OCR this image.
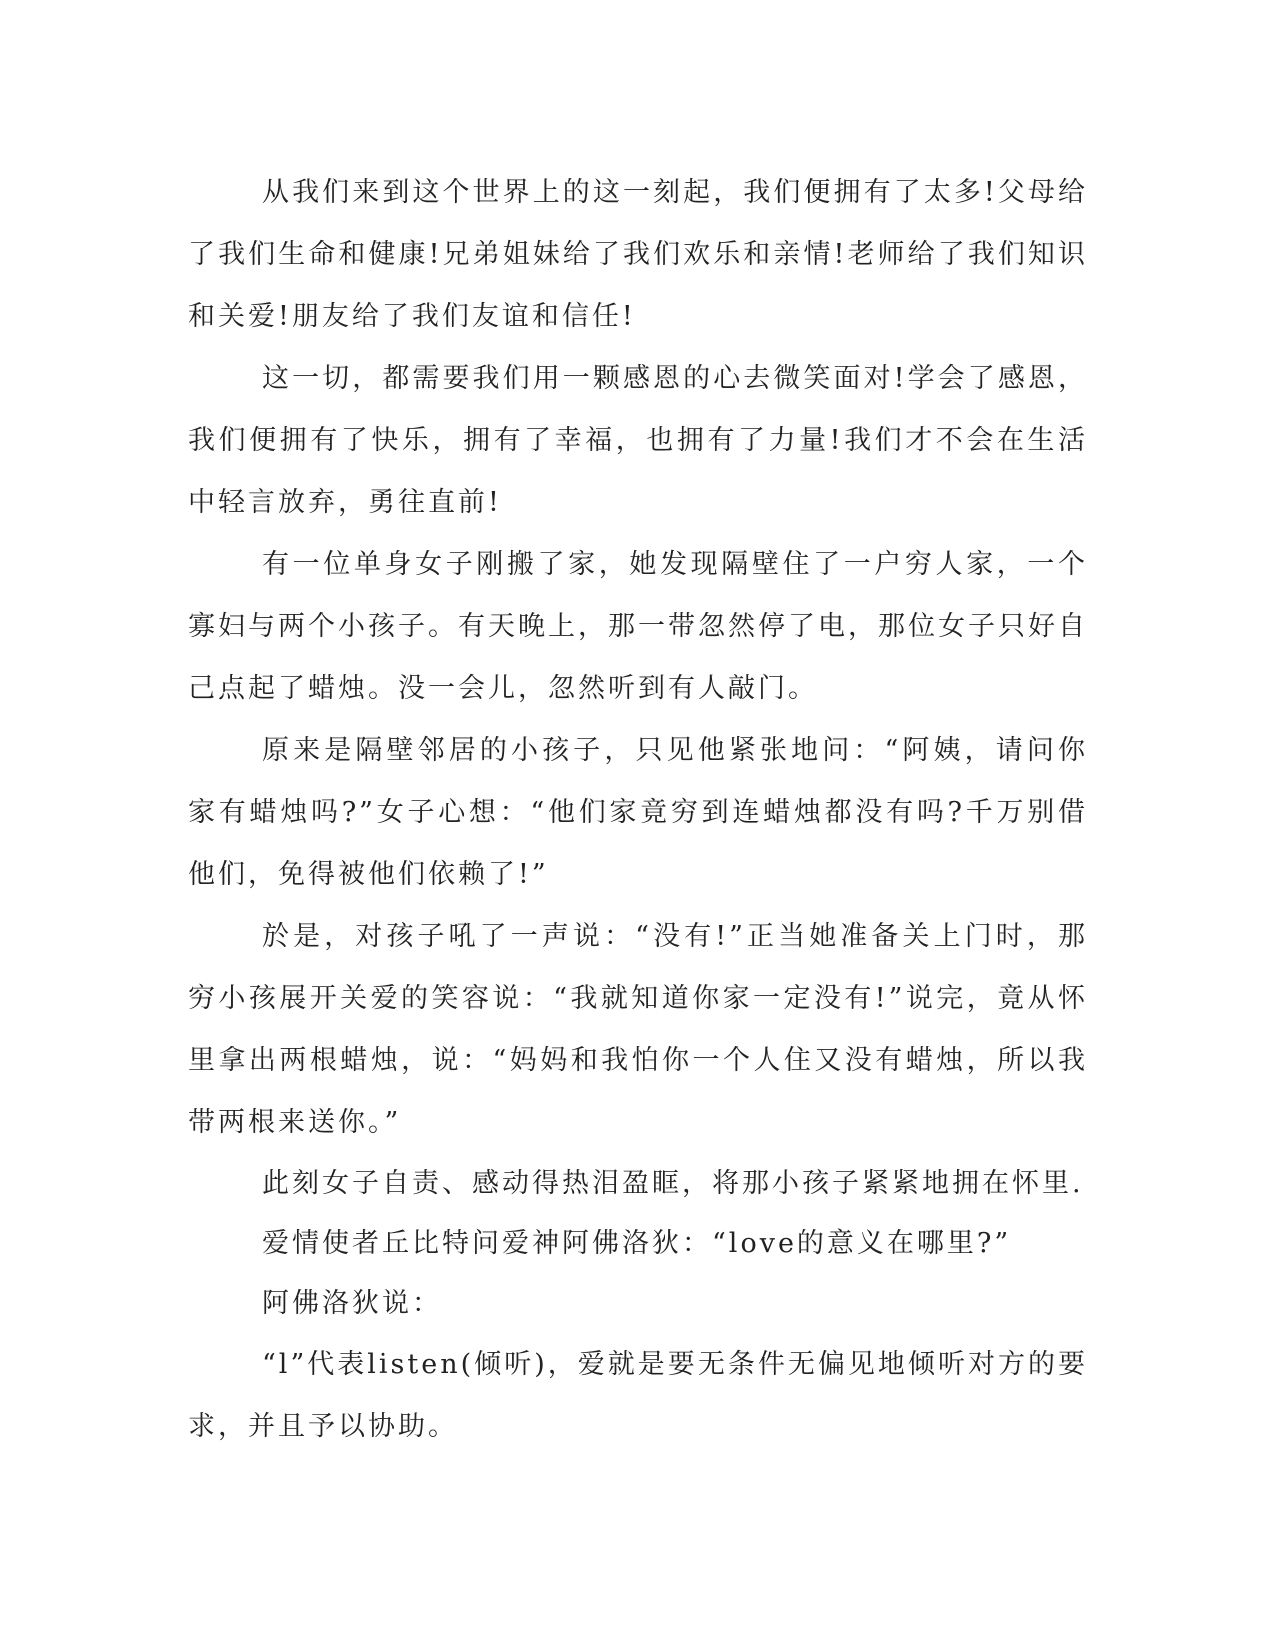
从我们来到这个世界上的这一刻起，我们便拥有了太多!父母给了我们生命和健康!兄弟姐妹给了我们欢乐和亲情!老师给了我们知识和关爱!朋友给了我们友谊和信任!

这一切，都需要我们用一颗感恩的心去微笑面对!学会了感恩，我们便拥有了快乐，拥有了幸福，也拥有了力量!我们才不会在生活中轻言放弃，勇往直前!

有一位单身女子刚搬了家，她发现隔壁住了一户穷人家，一个寡妇与两个小孩子。有天晚上，那一带忽然停了电，那位女子只好自己点起了蜡烛。没一会儿，忽然听到有人敲门。

原来是隔壁邻居的小孩子，只见他紧张地问：“阿姨，请问你家有蜡烛吗?”女子心想：“他们家竟穷到连蜡烛都没有吗?千万别借他们，免得被他们依赖了!”

於是，对孩子吼了一声说：“没有!”正当她准备关上门时，那穷小孩展开关爱的笑容说：“我就知道你家一定没有!”说完，竟从怀里拿出两根蜡烛，说：“妈妈和我怕你一个人住又没有蜡烛，所以我带两根来送你。”

此刻女子自责、感动得热泪盈眶，将那小孩子紧紧地拥在怀里.

爱情使者丘比特问爱神阿佛洛狄：“love的意义在哪里?”

阿佛洛狄说：

“l”代表listen(倾听)，爱就是要无条件无偏见地倾听对方的要求，并且予以协助。
